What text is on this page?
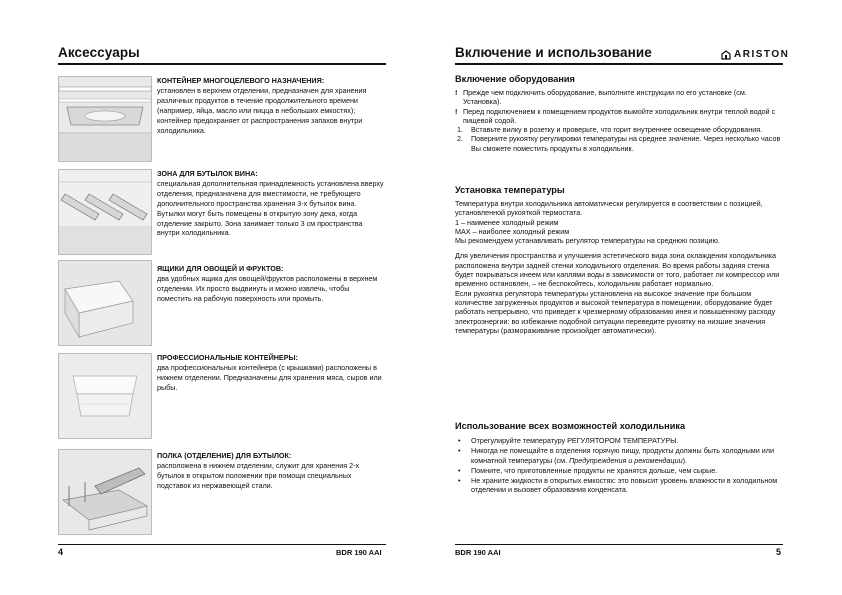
Аксессуары
КОНТЕЙНЕР МНОГОЦЕЛЕВОГО НАЗНАЧЕНИЯ:
установлен в верхнем отделении, предназначен для хранения различных продуктов в течение продолжительного времени (например, яйца, масло или пицца в небольших емкостях); контейнер предохраняет от распространения запахов внутри холодильника.
ЗОНА ДЛЯ БУТЫЛОК ВИНА:
специальная дополнительная принадлежность установлена вверху отделения, предназначена для вместимости, не требующего дополнительного пространства хранения 3-х бутылок вина. Бутылки могут быть помещены в открытую зону дека, когда отделение закрыто. Зона занимает только 3 см пространства внутри холодильника.
ЯЩИКИ ДЛЯ ОВОЩЕЙ И ФРУКТОВ:
два удобных ящика для овощей/фруктов расположены в верхнем отделении. Их просто выдвинуть и можно извлечь, чтобы поместить на рабочую поверхность или промыть.
ПРОФЕССИОНАЛЬНЫЕ КОНТЕЙНЕРЫ:
два профессиональных контейнера (с крышками) расположены в нижнем отделении. Предназначены для хранения мяса, сыров или рыбы.
ПОЛКА (ОТДЕЛЕНИЕ) ДЛЯ БУТЫЛОК:
расположена в нижнем отделении, служит для хранения 2-х бутылок в открытом положении при помощи специальных подставок из нержавеющей стали.
4	BDR 190 AAI
Включение и использование	ARISTON
Включение оборудования
! Прежде чем подключить оборудование, выполните инструкции по его установке (см. Установка).
! Перед подключением к помещением продуктов вымойте холодильник внутри теплой водой с пищевой содой.
1. Вставьте вилку в розетку и проверьте, что горит внутреннее освещение оборудования.
2. Поверните рукоятку регулировки температуры на среднее значение. Через несколько часов Вы сможете поместить продукты в холодильник.
Установка температуры
Температура внутри холодильника автоматически регулируется в соответствии с позицией, установленной рукояткой термостата.
1 – наименее холодный режим
MAX – наиболее холодный режим
Мы рекомендуем устанавливать регулятор температуры на среднюю позицию.
Для увеличения пространства и улучшения эстетического вида зона охлаждения холодильника расположена внутри задней стенки холодильного отделения. Во время работы задняя стенка будет покрываться инеем или каплями воды в зависимости от того, работает ли компрессор или временно остановлен, – не беспокойтесь, холодильник работает нормально.
Если рукоятка регулятора температуры установлена на высокое значение при большом количестве загруженных продуктов и высокой температура в помещении, оборудование будет работать непрерывно, что приведет к чрезмерному образованию инея и повышенному расходу электроэнергии: во избежание подобной ситуации переведите рукоятку на низшие значения температуры (размораживание произойдет автоматически).
Использование всех возможностей холодильника
• Отрегулируйте температуру РЕГУЛЯТОРОМ ТЕМПЕРАТУРЫ.
• Никогда не помещайте в отделения горячую пищу, продукты должны быть холодными или комнатной температуры (см. Предупреждения и рекомендации).
• Помните, что приготовленные продукты не хранятся дольше, чем сырые.
• Не храните жидкости в открытых емкостях: это повысит уровень влажности в холодильном отделении и вызовет образования конденсата.
BDR 190 AAI	5
